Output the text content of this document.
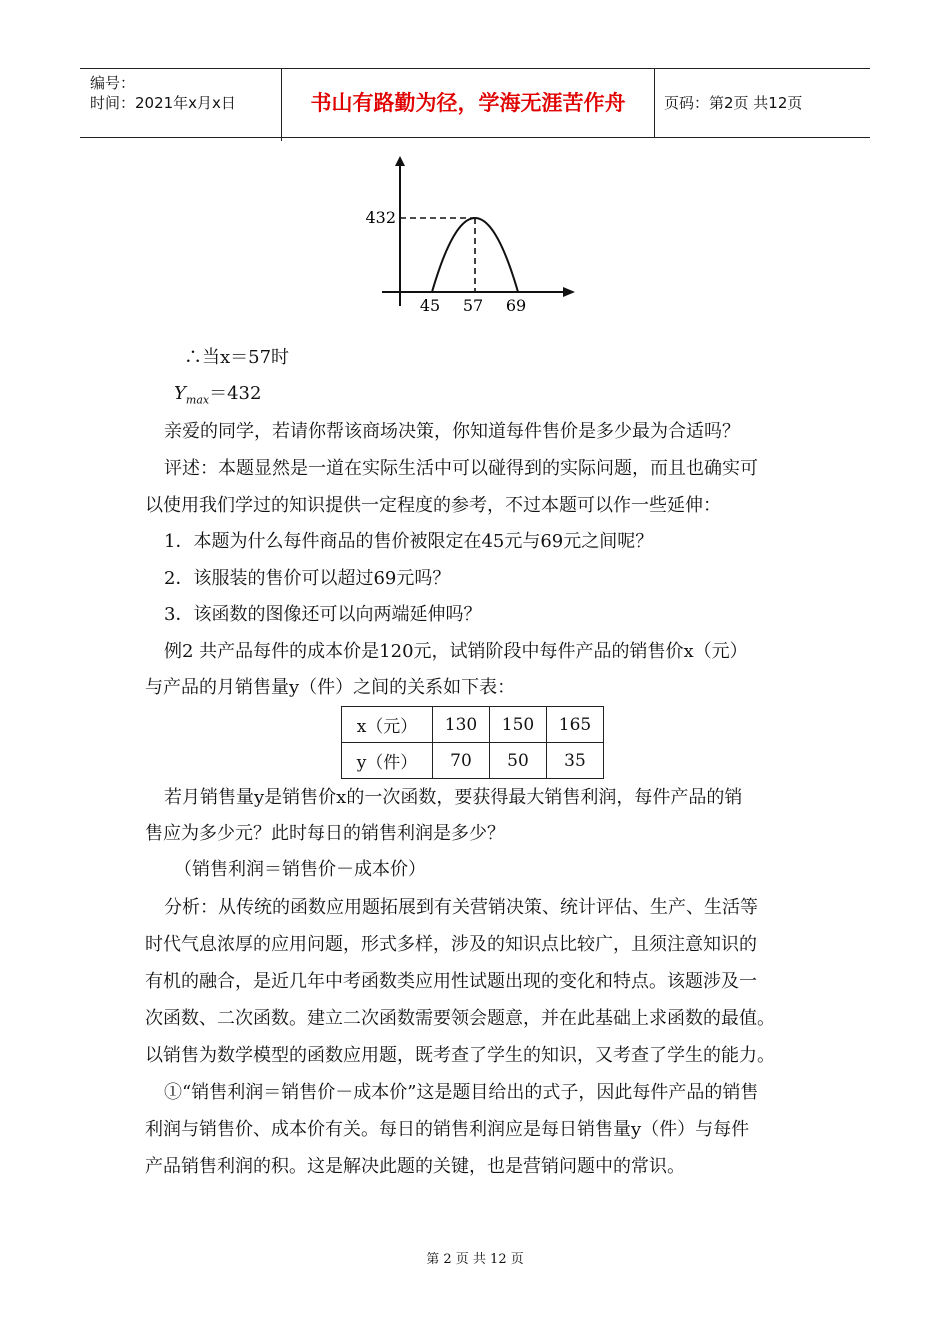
编号：
时间：2021年x月x日	书山有路勤为径，学海无涯苦作舟	页码：第2页 共12页
432
45 57 69
∴当x＝57时
$Y_{max}=432$
亲爱的同学，若请你帮该商场决策，你知道每件售价是多少最为合适吗？
评述：本题显然是一道在实际生活中可以碰得到的实际问题，而且也确实可
以使用我们学过的知识提供一定程度的参考，不过本题可以作一些延伸：
1．本题为什么每件商品的售价被限定在45元与69元之间呢？
2．该服装的售价可以超过69元吗？
3．该函数的图像还可以向两端延伸吗？
例2 共产品每件的成本价是120元，试销阶段中每件产品的销售价x（元）
与产品的月销售量y（件）之间的关系如下表：
x（元）	130	150	165
y（件）	70	50	35
若月销售量y是销售价x的一次函数，要获得最大销售利润，每件产品的销
售应为多少元？此时每日的销售利润是多少？
（销售利润＝销售价－成本价）
分析：从传统的函数应用题拓展到有关营销决策、统计评估、生产、生活等
时代气息浓厚的应用问题，形式多样，涉及的知识点比较广，且须注意知识的
有机的融合，是近几年中考函数类应用性试题出现的变化和特点。该题涉及一
次函数、二次函数。建立二次函数需要领会题意，并在此基础上求函数的最值。
以销售为数学模型的函数应用题，既考查了学生的知识，又考查了学生的能力。
①“销售利润＝销售价－成本价”这是题目给出的式子，因此每件产品的销售
利润与销售价、成本价有关。每日的销售利润应是每日销售量y（件）与每件
产品销售利润的积。这是解决此题的关键，也是营销问题中的常识。
第 2 页 共 12 页
